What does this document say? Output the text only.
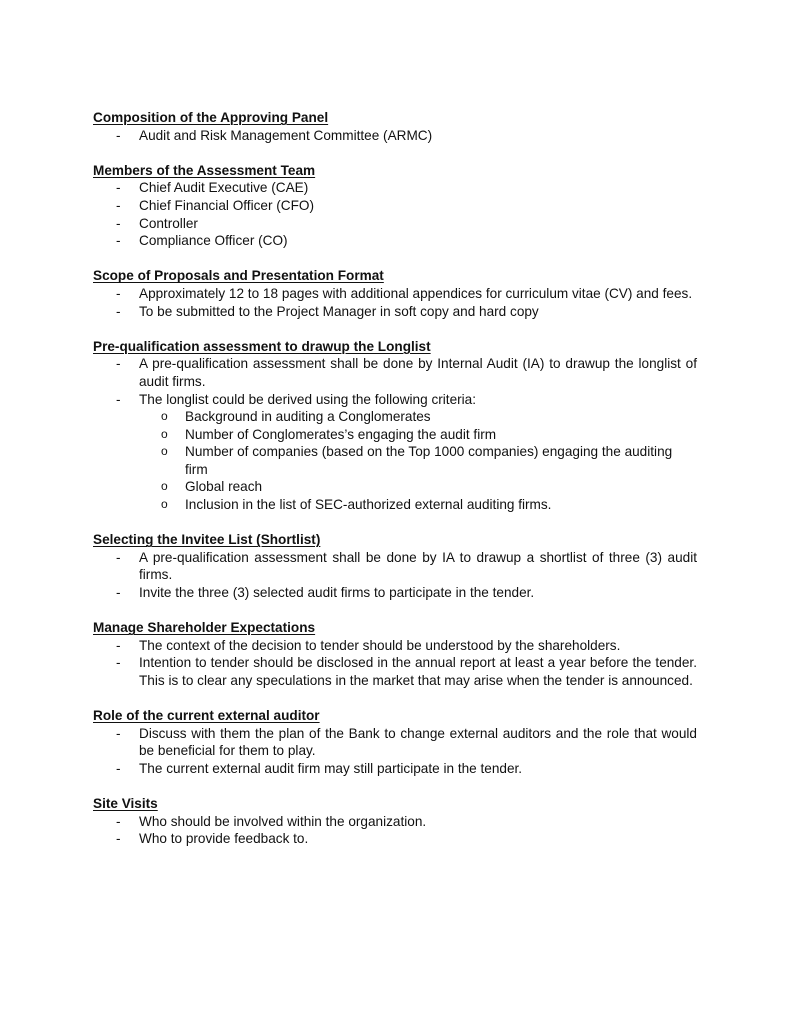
Composition of the Approving Panel
- Audit and Risk Management Committee (ARMC)
Members of the Assessment Team
- Chief Audit Executive (CAE)
- Chief Financial Officer (CFO)
- Controller
- Compliance Officer (CO)
Scope of Proposals and Presentation Format
- Approximately 12 to 18 pages with additional appendices for curriculum vitae (CV) and fees.
- To be submitted to the Project Manager in soft copy and hard copy
Pre-qualification assessment to drawup the Longlist
- A pre-qualification assessment shall be done by Internal Audit (IA) to drawup the longlist of audit firms.
- The longlist could be derived using the following criteria:
o Background in auditing a Conglomerates
o Number of Conglomerates’s engaging the audit firm
o Number of companies (based on the Top 1000 companies) engaging the auditing firm
o Global reach
o Inclusion in the list of SEC-authorized external auditing firms.
Selecting the Invitee List (Shortlist)
- A pre-qualification assessment shall be done by IA to drawup a shortlist of three (3) audit firms.
- Invite the three (3) selected audit firms to participate in the tender.
Manage Shareholder Expectations
- The context of the decision to tender should be understood by the shareholders.
- Intention to tender should be disclosed in the annual report at least a year before the tender. This is to clear any speculations in the market that may arise when the tender is announced.
Role of the current external auditor
- Discuss with them the plan of the Bank to change external auditors and the role that would be beneficial for them to play.
- The current external audit firm may still participate in the tender.
Site Visits
- Who should be involved within the organization.
- Who to provide feedback to.
